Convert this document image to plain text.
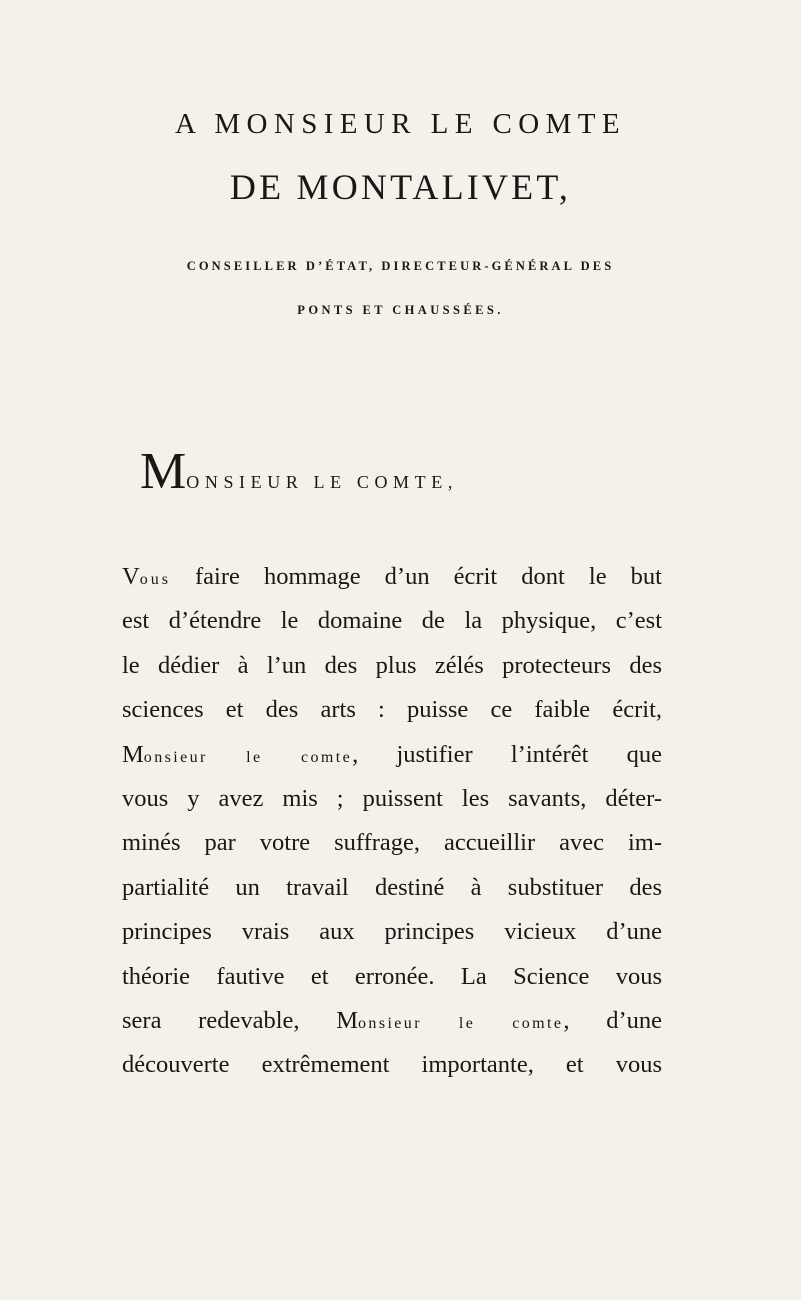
A MONSIEUR LE COMTE
DE MONTALIVET,
CONSEILLER D’ÉTAT, DIRECTEUR-GÉNÉRAL DES
PONTS ET CHAUSSÉES.
MONSIEUR LE COMTE,
Vous faire hommage d’un écrit dont le but
est d’étendre le domaine de la physique, c’est
le dédier à l’un des plus zélés protecteurs des
sciences et des arts : puisse ce faible écrit,
Monsieur le comte, justifier l’intérêt que
vous y avez mis ; puissent les savants, déter-
minés par votre suffrage, accueillir avec im-
partialité un travail destiné à substituer des
principes vrais aux principes vicieux d’une
théorie fautive et erronée. La Science vous
sera redevable, Monsieur le comte, d’une
découverte extrêmement importante, et vous
